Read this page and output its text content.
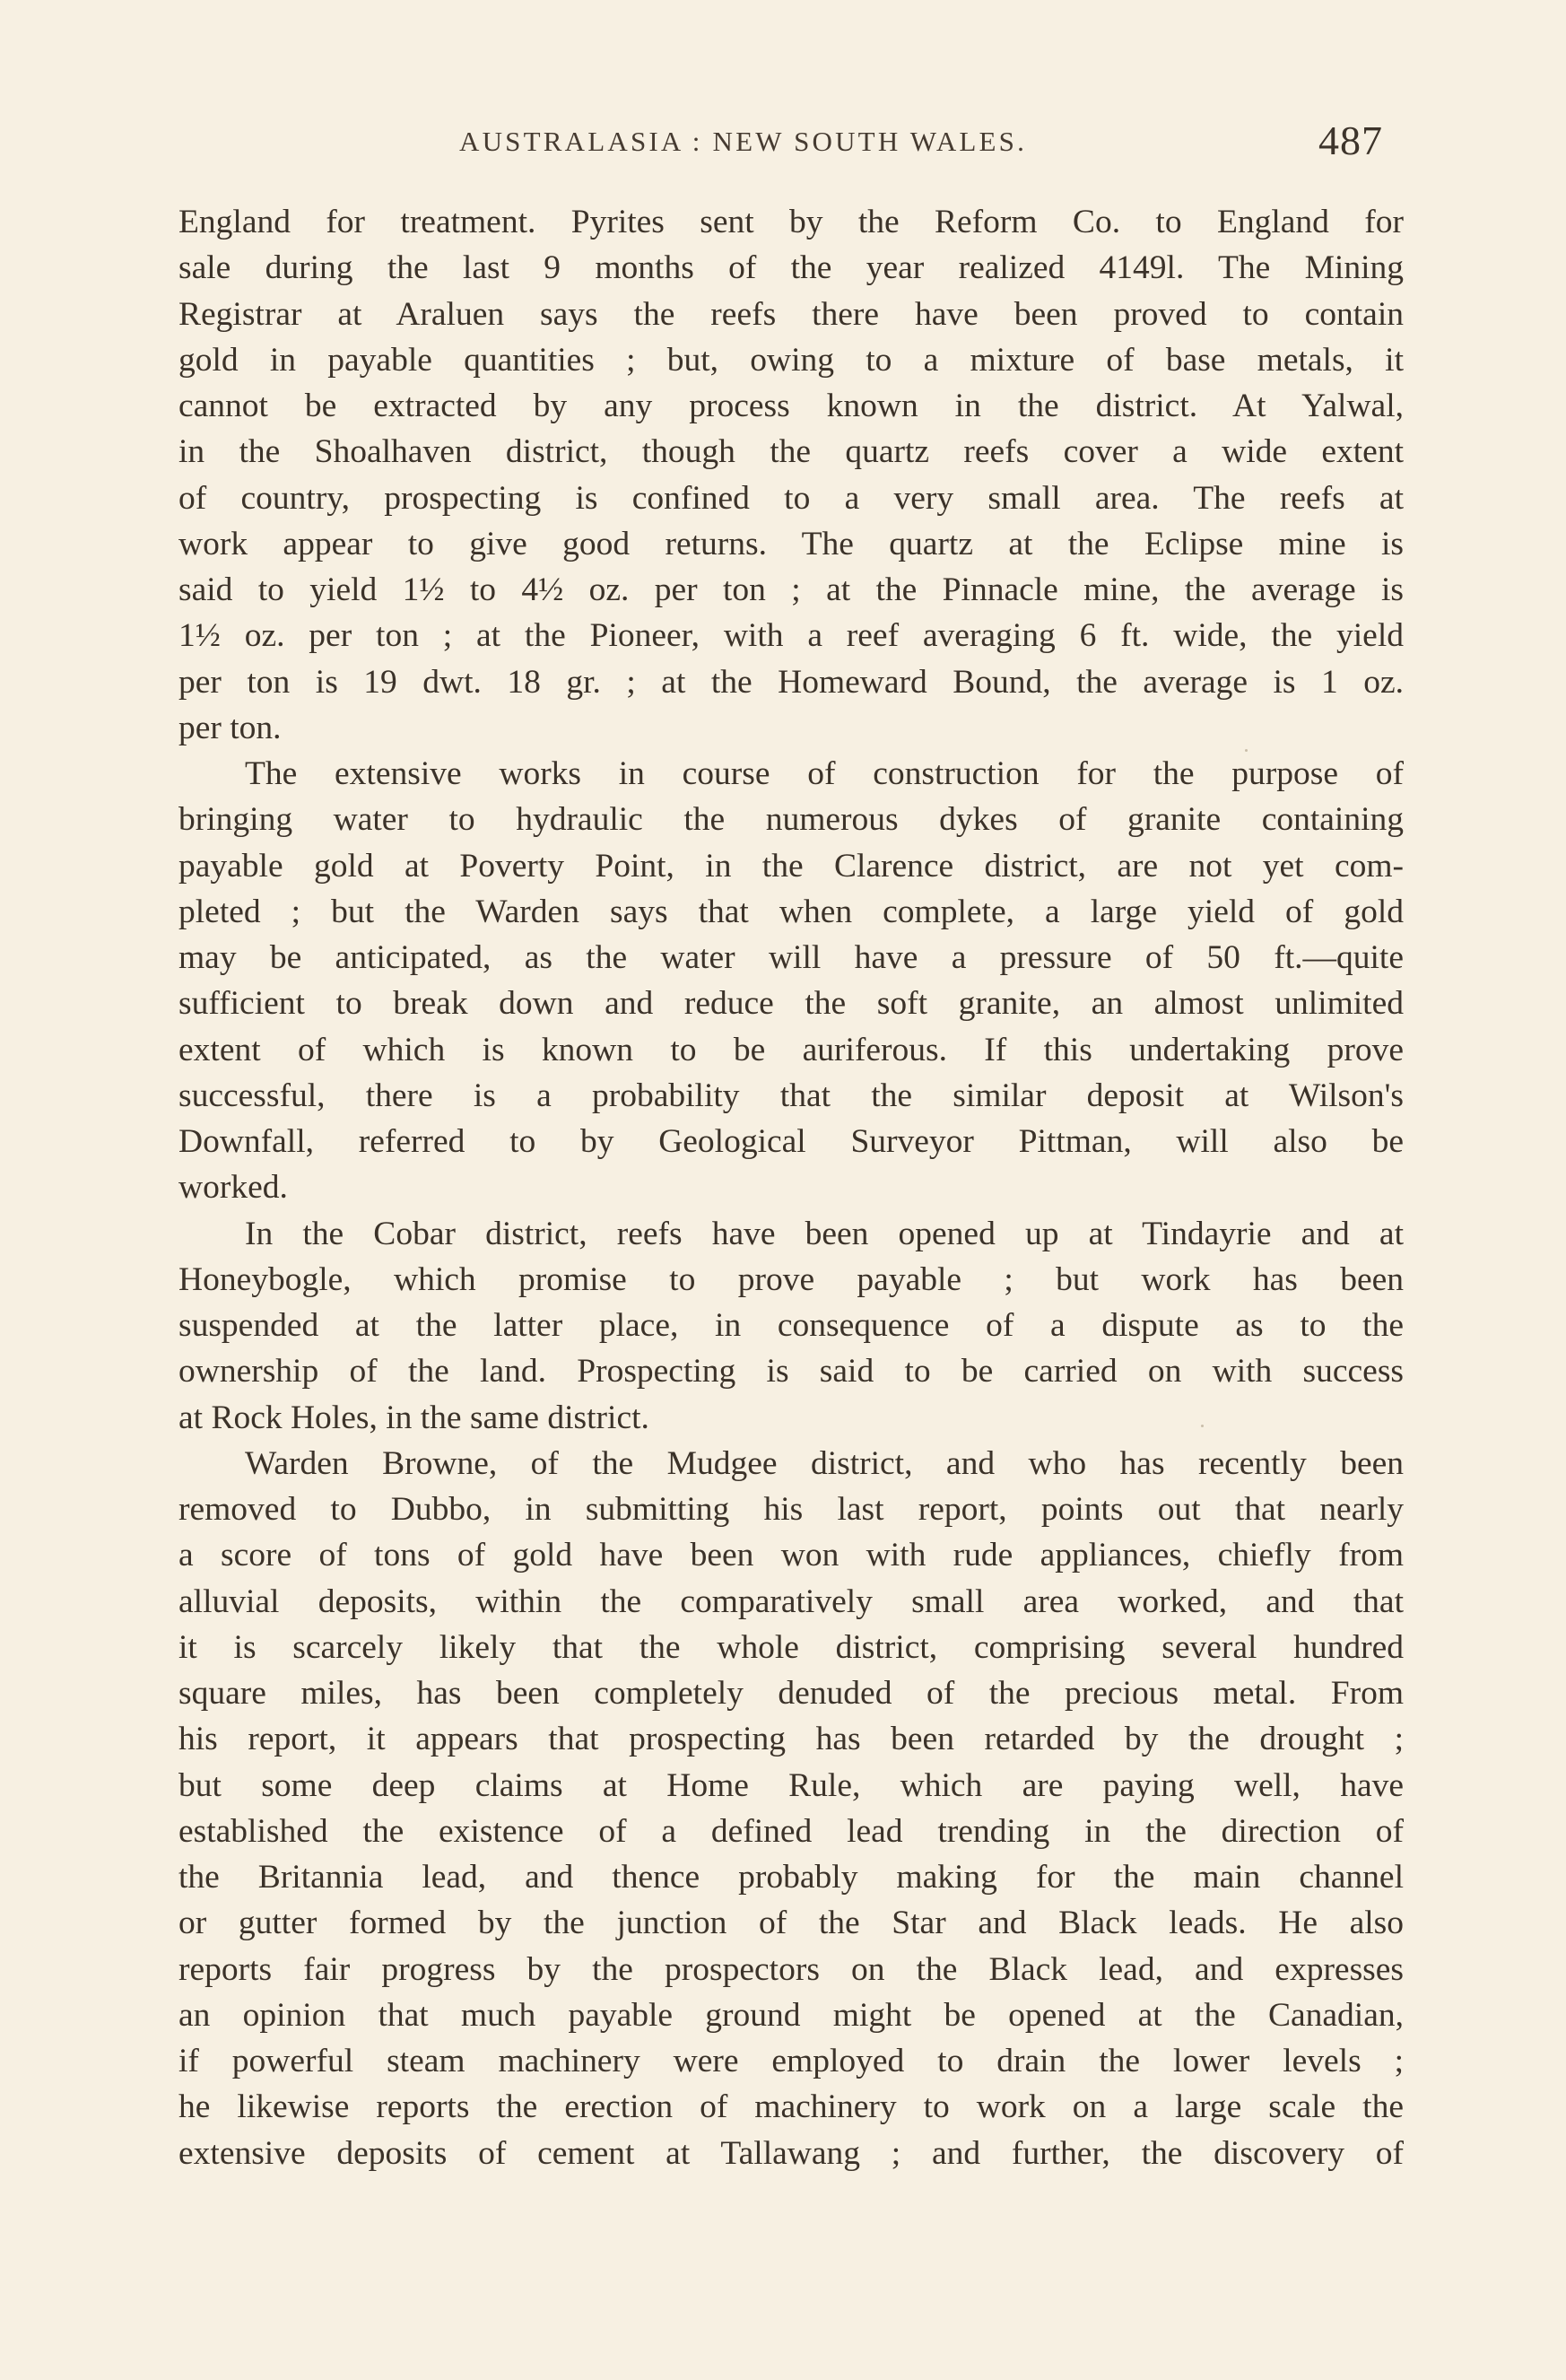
AUSTRALASIA : NEW SOUTH WALES.	487

England for treatment. Pyrites sent by the Reform Co. to England for

sale during the last 9 months of the year realized 4149l. The Mining

Registrar at Araluen says the reefs there have been proved to contain

gold in payable quantities ; but, owing to a mixture of base metals, it

cannot be extracted by any process known in the district. At Yalwal,

in the Shoalhaven district, though the quartz reefs cover a wide extent

of country, prospecting is confined to a very small area. The reefs at

work appear to give good returns. The quartz at the Eclipse mine is

said to yield 1½ to 4½ oz. per ton ; at the Pinnacle mine, the average is

1½ oz. per ton ; at the Pioneer, with a reef averaging 6 ft. wide, the yield

per ton is 19 dwt. 18 gr. ; at the Homeward Bound, the average is 1 oz.

per ton.

The extensive works in course of construction for the purpose of

bringing water to hydraulic the numerous dykes of granite containing

payable gold at Poverty Point, in the Clarence district, are not yet com-

pleted ; but the Warden says that when complete, a large yield of gold

may be anticipated, as the water will have a pressure of 50 ft.—quite

sufficient to break down and reduce the soft granite, an almost unlimited

extent of which is known to be auriferous. If this undertaking prove

successful, there is a probability that the similar deposit at Wilson's

Downfall, referred to by Geological Surveyor Pittman, will also be

worked.

In the Cobar district, reefs have been opened up at Tindayrie and at

Honeybogle, which promise to prove payable ; but work has been

suspended at the latter place, in consequence of a dispute as to the

ownership of the land. Prospecting is said to be carried on with success

at Rock Holes, in the same district.

Warden Browne, of the Mudgee district, and who has recently been

removed to Dubbo, in submitting his last report, points out that nearly

a score of tons of gold have been won with rude appliances, chiefly from

alluvial deposits, within the comparatively small area worked, and that

it is scarcely likely that the whole district, comprising several hundred

square miles, has been completely denuded of the precious metal. From

his report, it appears that prospecting has been retarded by the drought ;

but some deep claims at Home Rule, which are paying well, have

established the existence of a defined lead trending in the direction of

the Britannia lead, and thence probably making for the main channel

or gutter formed by the junction of the Star and Black leads. He also

reports fair progress by the prospectors on the Black lead, and expresses

an opinion that much payable ground might be opened at the Canadian,

if powerful steam machinery were employed to drain the lower levels ;

he likewise reports the erection of machinery to work on a large scale the

extensive deposits of cement at Tallawang ; and further, the discovery of
